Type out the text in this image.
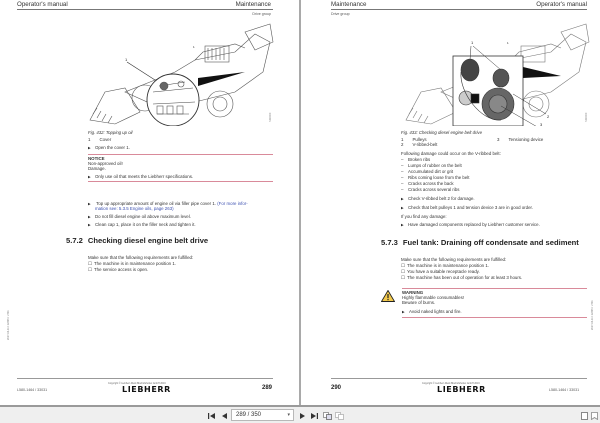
Operator's manual	Maintenance
Drive group
1
1
SD0000
Fig. 432: Topping up oil
1 Cover
▶ Open the cover 1.
NOTICE
Non-approved oil!
Damage.
▶ Only use oil that meets the Liebherr specifications.
▶ Top up appropriate amount of engine oil via filler pipe cover 1. (For more infor-
mation see: 5.3.5 Engine oils, page 263)
▶ Do not fill diesel engine oil above maximum level.
▶ Clean cap 1, place it on the filler neck and tighten it.
5.7.2 Checking diesel engine belt drive
Make sure that the following requirements are fulfilled:
☐ The machine is in maintenance position 1.
☐ The service access is open.
2017-04-11 / 12345 / LH01
Copyright © Liebherr-Werk Bischofshofen GmbH 2016
LIEBHERR
L580-1464 / 33031	289
Maintenance	Operator's manual
Drive group
1	1
2
3
SD0000
Fig. 433: Checking diesel engine belt drive
1 Pulleys	3 Tensioning device
2 V-ribbed-belt
Following damage could occur on the V-ribbed belt:
– Broken ribs
– Lumps of rubber on the belt
– Accumulated dirt or grit
– Ribs coming loose from the belt
– Cracks across the back
– Cracks across several ribs
▶ Check V-ribbed belt 2 for damage.
▶ Check that belt pulleys 1 and tension device 3 are in good order.
If you find any damage:
▶ Have damaged components replaced by Liebherr customer service.
5.7.3 Fuel tank: Draining off condensate and sediment
Make sure that the following requirements are fulfilled:
☐ The machine is in maintenance position 1.
☐ You have a suitable receptacle ready.
☐ The machine has been out of operation for at least 3 hours.
WARNING
Highly flammable consumables!
Beware of burns.
▶ Avoid naked lights and fire.	2017-04-11 / 12345 / LH01
Copyright © Liebherr-Werk Bischofshofen GmbH 2016
LIEBHERR
290	L580-1464 / 33031
289 / 350	▾
